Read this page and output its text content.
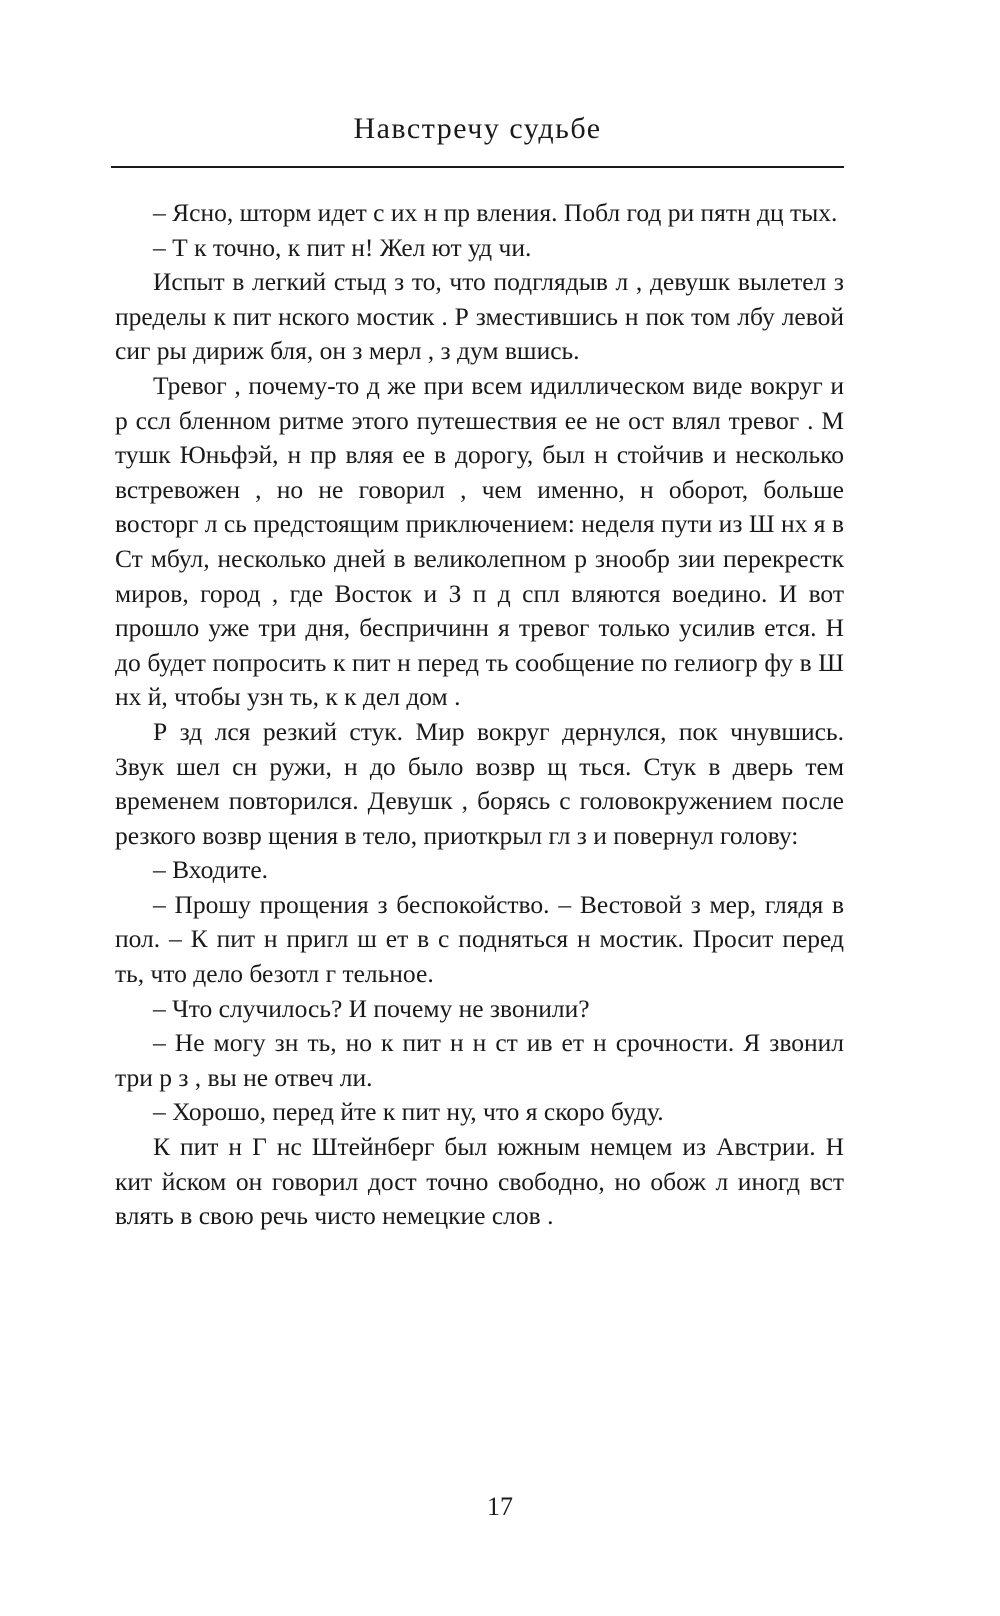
Навстречу судьбе

– Ясно, шторм идет с их н пр вления. Побл год ри пятн дц тых.

– Т к точно, к пит н! Жел ют уд чи.

Испыт в легкий стыд з то, что подглядыв л , девушк вылетел з пределы к пит нского мостик . Р зместившись н пок том лбу левой сиг ры дириж бля, он з мерл , з дум вшись.

Тревог , почему-то д же при всем идиллическом виде вокруг и р ссл бленном ритме этого путешествия ее не ост влял тревог . М тушк Юньфэй, н пр вляя ее в дорогу, был н стойчив и несколько встревожен , но не говорил , чем именно, н оборот, больше восторг л сь предстоящим приключением: неделя пути из Ш нх я в Ст мбул, несколько дней в великолепном р зноoбр зии перекрестк миров, город , где Восток и З п д спл вляются воедино. И вот прошло уже три дня, беспричинн я тревог только усилив ется. Н до будет попросить к пит н перед ть сообщение по гелиогр фу в Ш нх й, чтобы узн ть, к к дел дом .

Р зд лся резкий стук. Мир вокруг дернулся, пок чнувшись. Звук шел сн ружи, н до было возвр щ ться. Стук в дверь тем временем повторился. Девушк , борясь с головокружением после резкого возвр щения в тело, приоткрыл гл з и повернул голову:

– Входите.

– Прошу прощения з беспокойство. – Вестовой з мер, глядя в пол. – К пит н пригл ш ет в с подняться н мостик. Просит перед ть, что дело безотл г тельное.

– Что случилось? И почему не звонили?

– Не могу зн ть, но к пит н н ст ив ет н срочности. Я звонил три р з , вы не отвеч ли.

– Хорошо, перед йте к пит ну, что я скоро буду.

К пит н Г нс Штейнберг был южным немцем из Австрии. Н кит йском он говорил дост точно свободно, но обож л иногд вст влять в свою речь чисто немецкие слов .

17
